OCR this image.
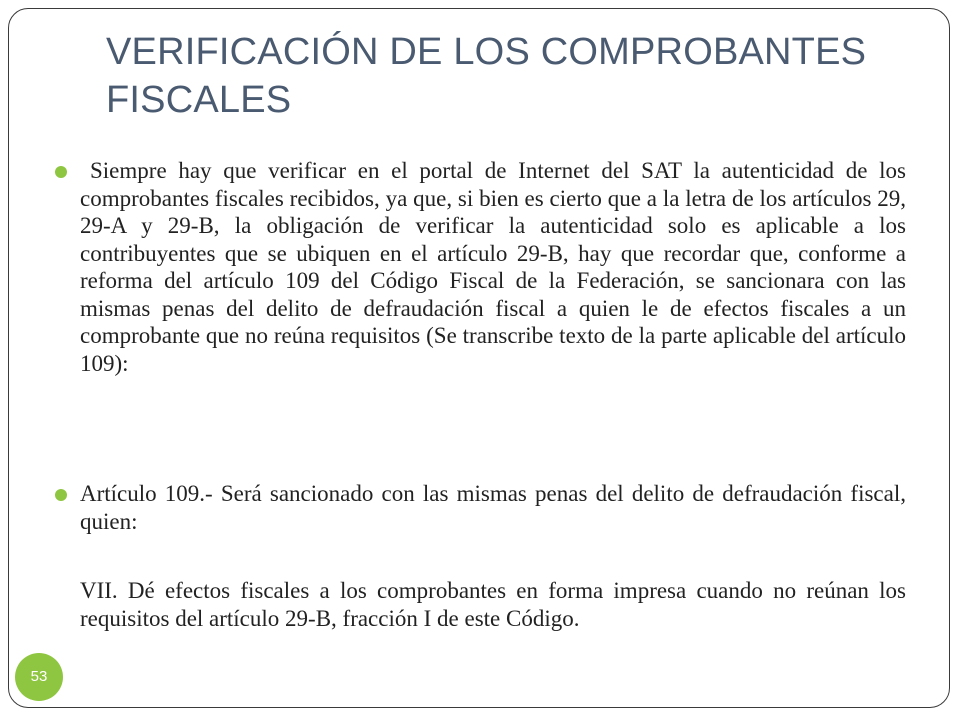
VERIFICACIÓN DE LOS COMPROBANTES FISCALES
Siempre hay que verificar en el portal de Internet del SAT la autenticidad de los comprobantes fiscales recibidos, ya que, si bien es cierto que a la letra de los artículos 29, 29-A y 29-B, la obligación de verificar la autenticidad solo es aplicable a los contribuyentes que se ubiquen en el artículo 29-B, hay que recordar que, conforme a reforma del artículo 109 del Código Fiscal de la Federación, se sancionara con las mismas penas del delito de defraudación fiscal a quien le de efectos fiscales a un comprobante que no reúna requisitos (Se transcribe texto de la parte aplicable del artículo 109):
Artículo 109.- Será sancionado con las mismas penas del delito de defraudación fiscal, quien:
VII. Dé efectos fiscales a los comprobantes en forma impresa cuando no reúnan los requisitos del artículo 29-B, fracción I de este Código.
53
